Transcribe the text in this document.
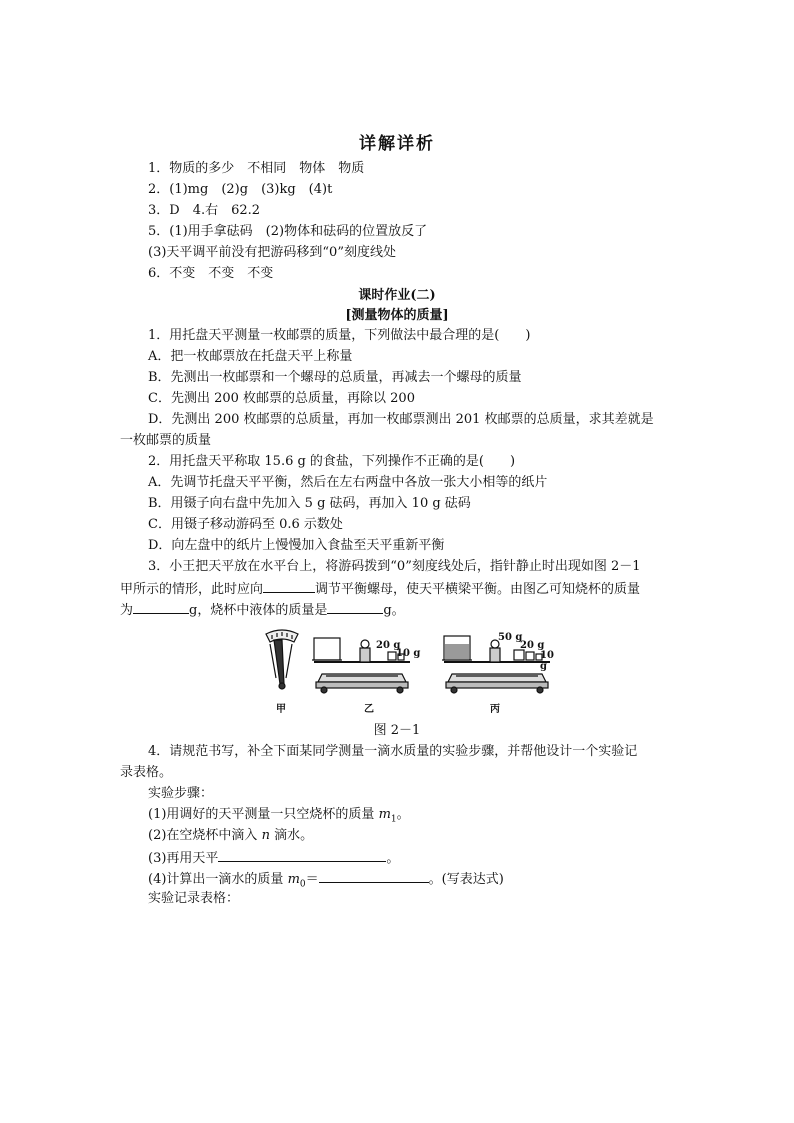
详解详析
1．物质的多少　不相同　物体　物质
2．(1)mg　(2)g　(3)kg　(4)t
3．D　4.右　62.2
5．(1)用手拿砝码　(2)物体和砝码的位置放反了
(3)天平调平前没有把游码移到“0”刻度线处
6．不变　不变　不变
课时作业(二)
[测量物体的质量]
1．用托盘天平测量一枚邮票的质量，下列做法中最合理的是(　　)
A．把一枚邮票放在托盘天平上称量
B．先测出一枚邮票和一个螺母的总质量，再减去一个螺母的质量
C．先测出 200 枚邮票的总质量，再除以 200
D．先测出 200 枚邮票的总质量，再加一枚邮票测出 201 枚邮票的总质量，求其差就是
一枚邮票的质量
2．用托盘天平称取 15.6 g 的食盐，下列操作不正确的是(　　)
A．先调节托盘天平平衡，然后在左右两盘中各放一张大小相等的纸片
B．用镊子向右盘中先加入 5 g 砝码，再加入 10 g 砝码
C．用镊子移动游码至 0.6 示数处
D．向左盘中的纸片上慢慢加入食盐至天平重新平衡
3．小王把天平放在水平台上，将游码拨到“0”刻度线处后，指针静止时出现如图 2－1
甲所示的情形，此时应向	调节平衡螺母，使天平横梁平衡。由图乙可知烧杯的质量
为	g，烧杯中液体的质量是	g。
20 g
10 g
50 g
20 g
10 g
甲	乙	丙
图 2－1
4．请规范书写，补全下面某同学测量一滴水质量的实验步骤，并帮他设计一个实验记
录表格。
实验步骤：
(1)用调好的天平测量一只空烧杯的质量 $m_1$。
(2)在空烧杯中滴入 n 滴水。
(3)再用天平	。
(4)计算出一滴水的质量 $m_0=$	。(写表达式)
实验记录表格：
